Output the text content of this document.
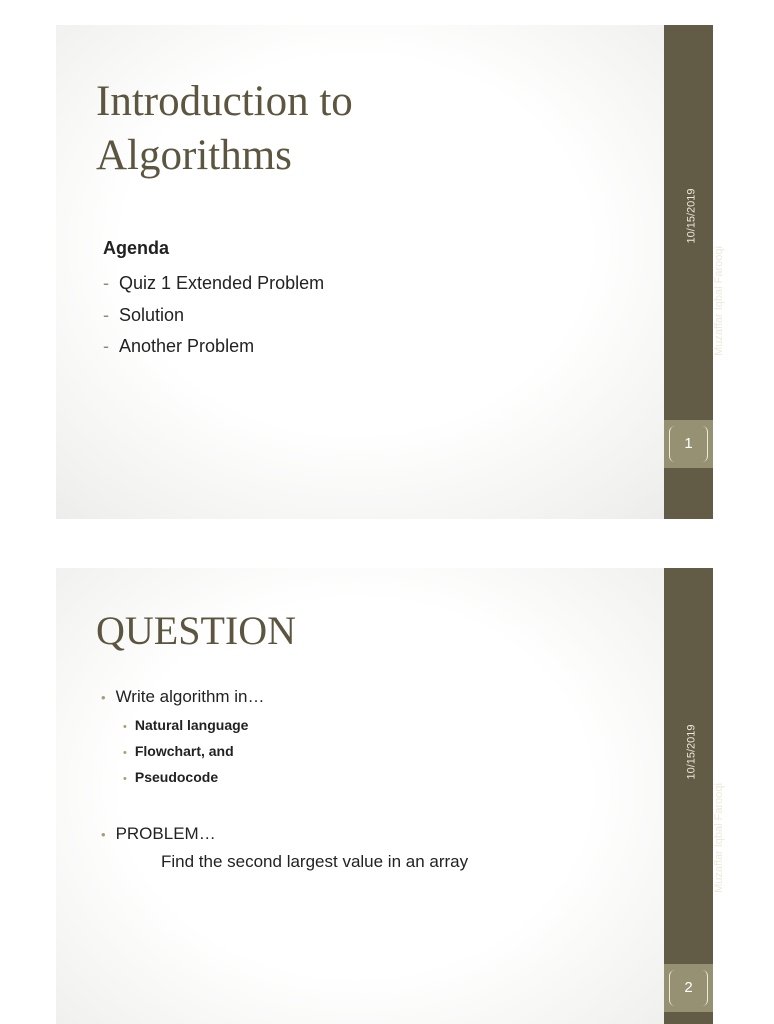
Introduction to
Algorithms
Agenda
- Quiz 1 Extended Problem
- Solution
- Another Problem
10/15/2019
Muzaffar Iqbal Farooqi
1
QUESTION
• Write algorithm in…
• Natural language
• Flowchart, and
• Pseudocode
• PROBLEM…
Find the second largest value in an array
10/15/2019
Muzaffar Iqbal Farooqi
2
